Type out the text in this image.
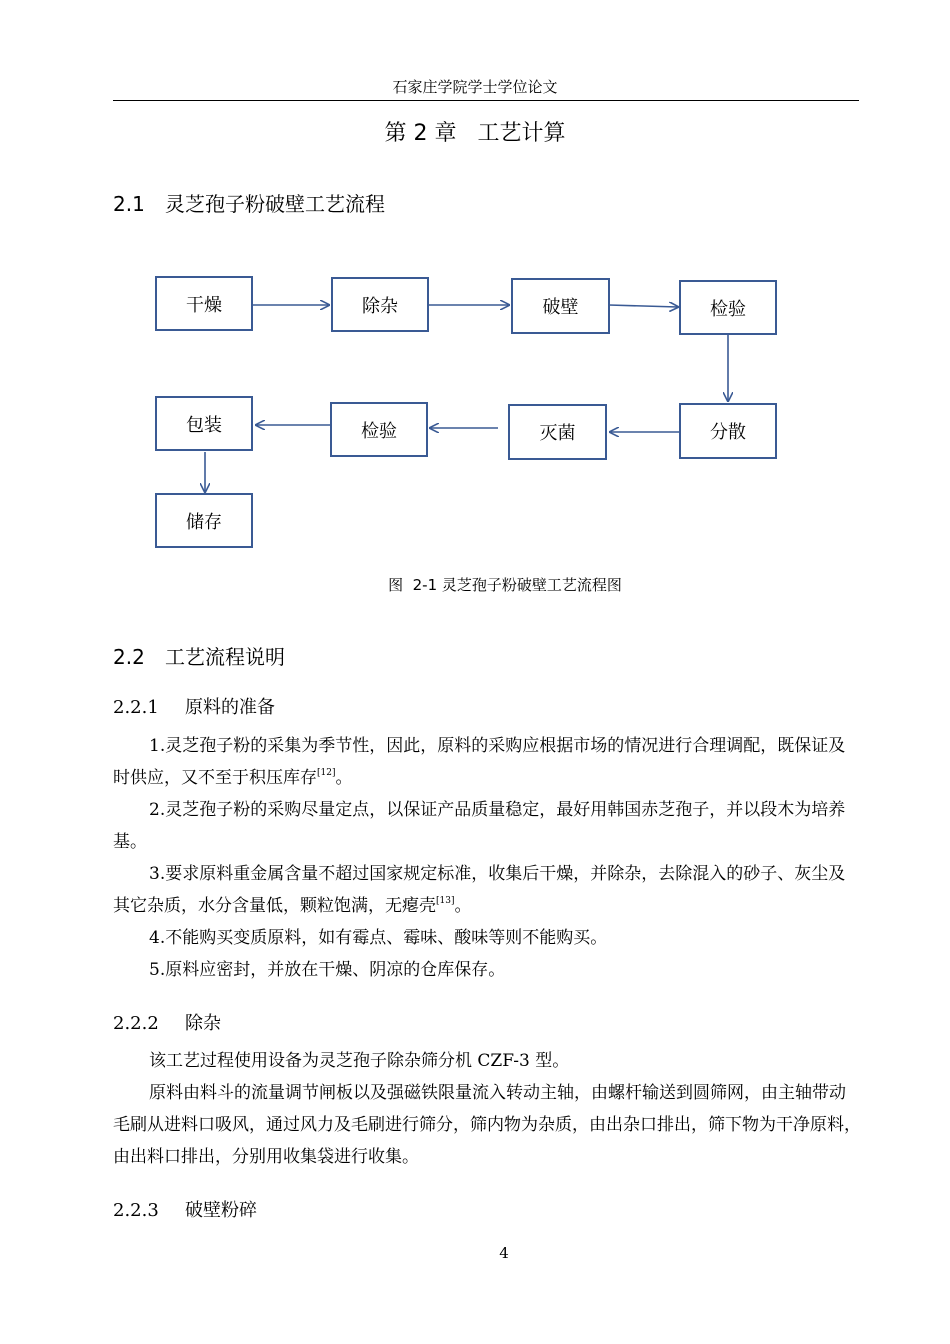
石家庄学院学士学位论文
第 2 章   工艺计算
2.1 灵芝孢子粉破壁工艺流程
干燥	除杂	破壁	检验
分散
灭菌
检验
包装
储存
图  2-1 灵芝孢子粉破壁工艺流程图
2.2 工艺流程说明
2.2.1 原料的准备

1.灵芝孢子粉的采集为季节性，因此，原料的采购应根据市场的情况进行合理调配，既保证及时供应，又不至于积压库存[12]。

2.灵芝孢子粉的采购尽量定点，以保证产品质量稳定，最好用韩国赤芝孢子，并以段木为培养基。

3.要求原料重金属含量不超过国家规定标准，收集后干燥，并除杂，去除混入的砂子、灰尘及其它杂质，水分含量低，颗粒饱满，无瘪壳[13]。

4.不能购买变质原料，如有霉点、霉味、酸味等则不能购买。

5.原料应密封，并放在干燥、阴凉的仓库保存。

2.2.2 除杂

该工艺过程使用设备为灵芝孢子除杂筛分机 CZF-3 型。

原料由料斗的流量调节闸板以及强磁铁限量流入转动主轴，由螺杆输送到圆筛网，由主轴带动毛刷从进料口吸风，通过风力及毛刷进行筛分，筛内物为杂质，由出杂口排出，筛下物为干净原料，由出料口排出，分别用收集袋进行收集。

2.2.3 破壁粉碎
4
